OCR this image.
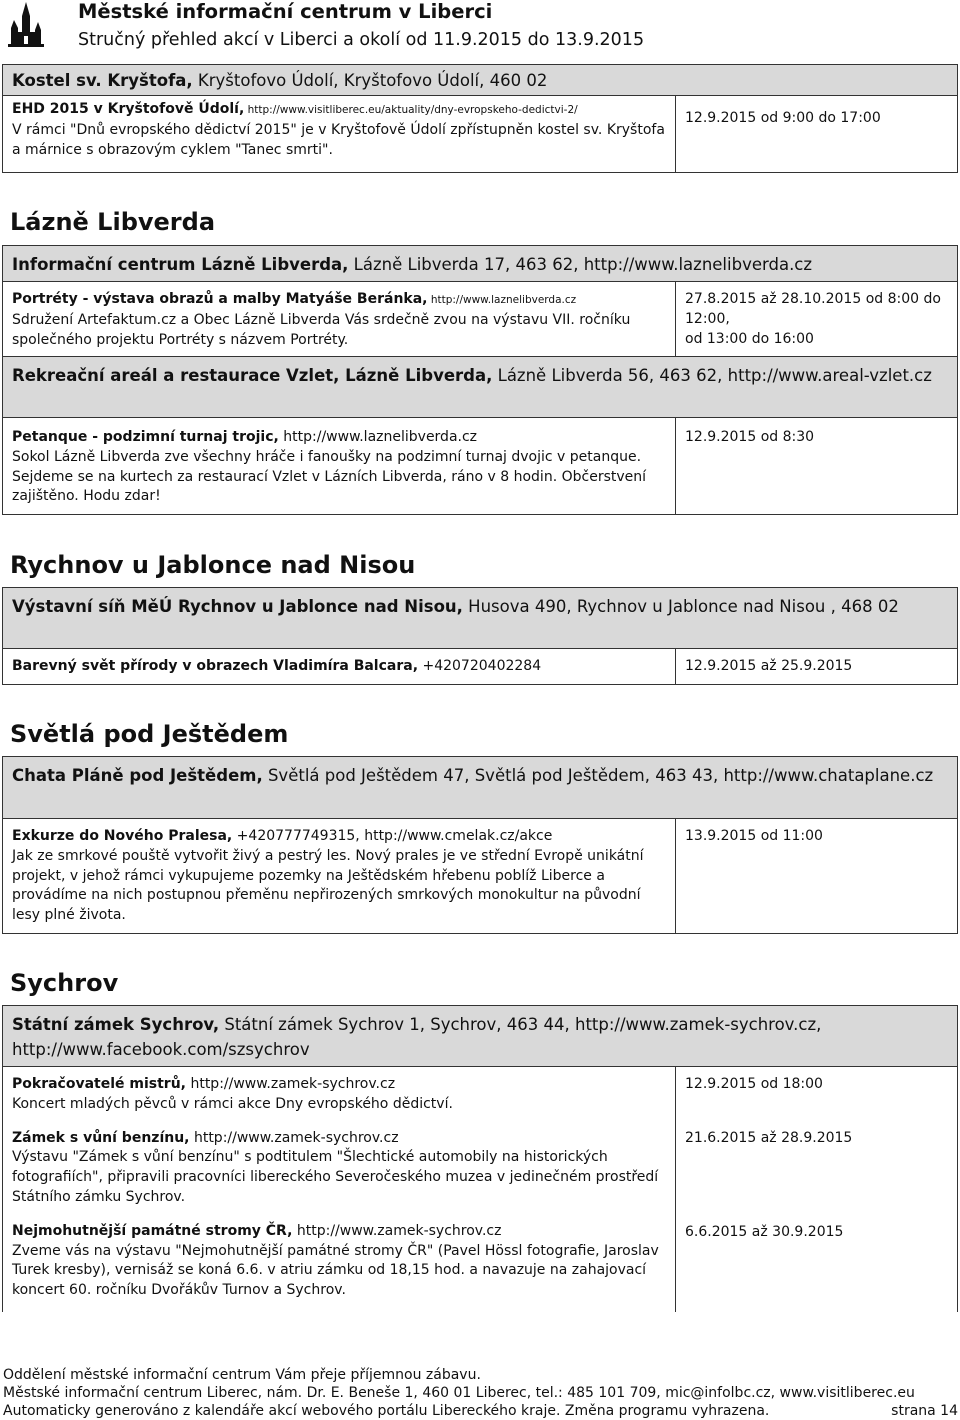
Městské informační centrum v Liberci
Stručný přehled akcí v Liberci a okolí od 11.9.2015 do 13.9.2015
Kostel sv. Kryštofa, Kryštofovo Údolí, Kryštofovo Údolí, 460 02
EHD 2015 v Kryštofově Údolí, http://www.visitliberec.eu/aktuality/dny-evropskeho-dedictvi-2/
V rámci "Dnů evropského dědictví 2015" je v Kryštofově Údolí zpřístupněn kostel sv. Kryštofa a márnice s obrazovým cyklem "Tanec smrti".
12.9.2015 od 9:00 do 17:00
Lázně Libverda
Informační centrum Lázně Libverda, Lázně Libverda 17, 463 62, http://www.laznelibverda.cz
Portréty - výstava obrazů a malby Matyáše Beránka, http://www.laznelibverda.cz
Sdružení Artefaktum.cz a Obec Lázně Libverda Vás srdečně zvou na výstavu VII. ročníku společného projektu Portréty s názvem Portréty.
27.8.2015 až 28.10.2015 od 8:00 do 12:00,
od 13:00 do 16:00
Rekreační areál a restaurace Vzlet, Lázně Libverda, Lázně Libverda 56, 463 62, http://www.areal-vzlet.cz
Petanque - podzimní turnaj trojic, http://www.laznelibverda.cz
Sokol Lázně Libverda zve všechny hráče i fanoušky na podzimní turnaj dvojic v petanque. Sejdeme se na kurtech za restaurací Vzlet v Lázních Libverda, ráno v 8 hodin. Občerstvení zajištěno. Hodu zdar!
12.9.2015 od 8:30
Rychnov u Jablonce nad Nisou
Výstavní síň MěÚ Rychnov u Jablonce nad Nisou, Husova 490, Rychnov u Jablonce nad Nisou , 468 02
Barevný svět přírody v obrazech Vladimíra Balcara, +420720402284	12.9.2015 až 25.9.2015
Světlá pod Ještědem
Chata Pláně pod Ještědem, Světlá pod Ještědem 47, Světlá pod Ještědem, 463 43, http://www.chataplane.cz
Exkurze do Nového Pralesa, +420777749315, http://www.cmelak.cz/akce
Jak ze smrkové pouště vytvořit živý a pestrý les. Nový prales je ve střední Evropě unikátní projekt, v jehož rámci vykupujeme pozemky na Ještědském hřebenu poblíž Liberce a provádíme na nich postupnou přeměnu nepřirozených smrkových monokultur na původní lesy plné života.
13.9.2015 od 11:00
Sychrov
Státní zámek Sychrov, Státní zámek Sychrov 1, Sychrov, 463 44, http://www.zamek-sychrov.cz, http://www.facebook.com/szsychrov
Pokračovatelé mistrů, http://www.zamek-sychrov.cz
Koncert mladých pěvců v rámci akce Dny evropského dědictví.
Zámek s vůní benzínu, http://www.zamek-sychrov.cz
Výstavu "Zámek s vůní benzínu" s podtitulem "Šlechtické automobily na historických fotografiích", připravili pracovníci libereckého Severočeského muzea v jedinečném prostředí Státního zámku Sychrov.
Nejmohutnější památné stromy ČR, http://www.zamek-sychrov.cz
Zveme vás na výstavu "Nejmohutnější památné stromy ČR" (Pavel Hössl fotografie, Jaroslav Turek kresby), vernisáž se koná 6.6. v atriu zámku od 18,15 hod. a navazuje na zahajovací koncert 60. ročníku Dvořákův Turnov a Sychrov.
12.9.2015 od 18:00
21.6.2015 až 28.9.2015
6.6.2015 až 30.9.2015
Oddělení městské informační centrum Vám přeje příjemnou zábavu.
Městské informační centrum Liberec, nám. Dr. E. Beneše 1, 460 01 Liberec, tel.: 485 101 709, mic@infolbc.cz, www.visitliberec.eu
Automaticky generováno z kalendáře akcí webového portálu Libereckého kraje. Změna programu vyhrazena.	strana 14
